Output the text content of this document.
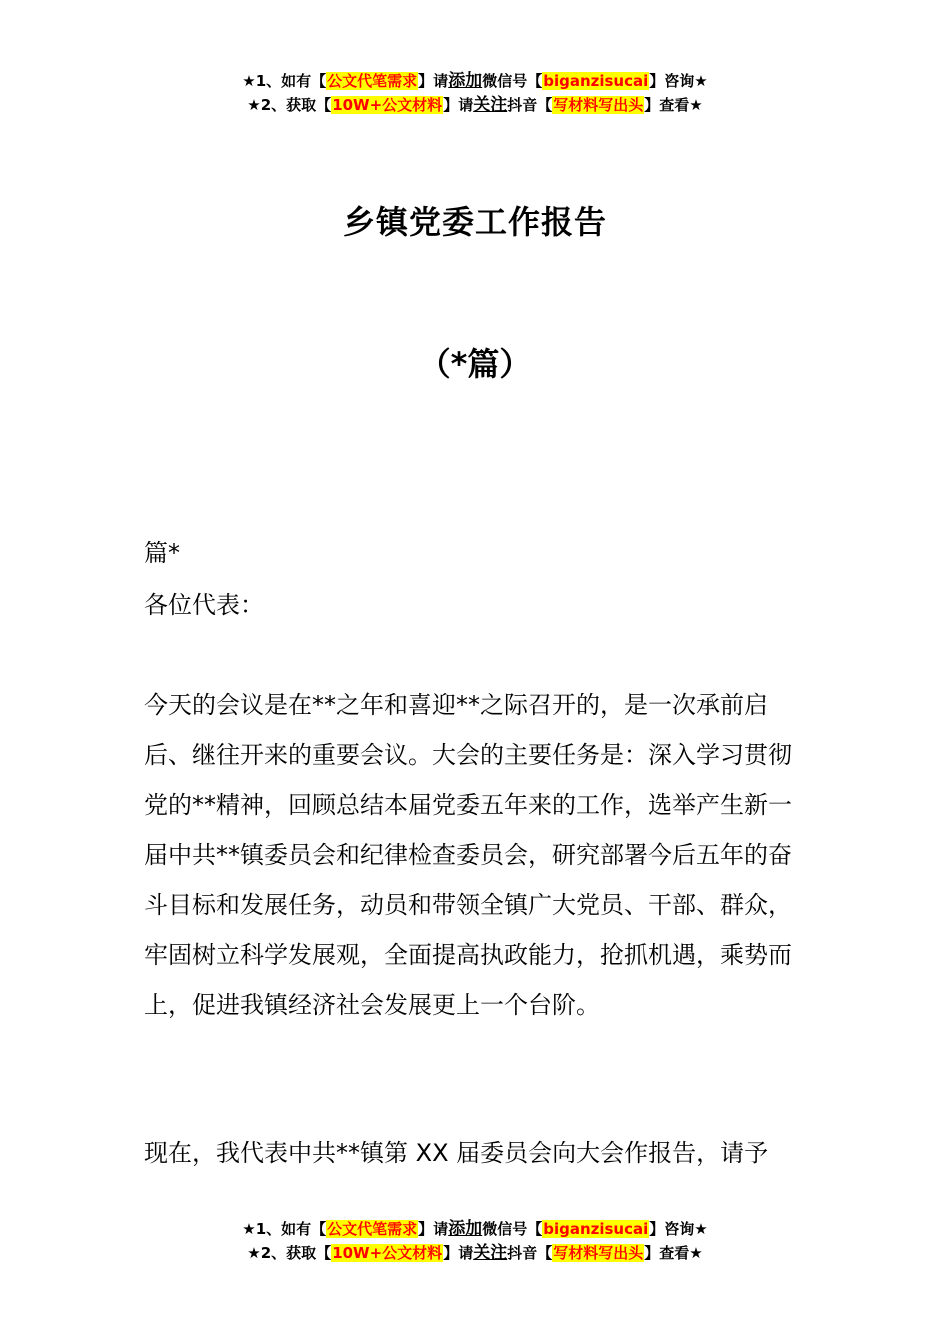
★1、如有【公文代笔需求】请添加微信号【biganzisucai】咨询★
★2、获取【10W+公文材料】请关注抖音【写材料写出头】查看★
乡镇党委工作报告
（*篇）
篇*
各位代表：

今天的会议是在**之年和喜迎**之际召开的，是一次承前启后、继往开来的重要会议。大会的主要任务是：深入学习贯彻党的**精神，回顾总结本届党委五年来的工作，选举产生新一届中共**镇委员会和纪律检查委员会，研究部署今后五年的奋斗目标和发展任务，动员和带领全镇广大党员、干部、群众，牢固树立科学发展观，全面提高执政能力，抢抓机遇，乘势而上，促进我镇经济社会发展更上一个台阶。

现在，我代表中共**镇第 XX 届委员会向大会作报告，请予

★1、如有【公文代笔需求】请添加微信号【biganzisucai】咨询★
★2、获取【10W+公文材料】请关注抖音【写材料写出头】查看★
